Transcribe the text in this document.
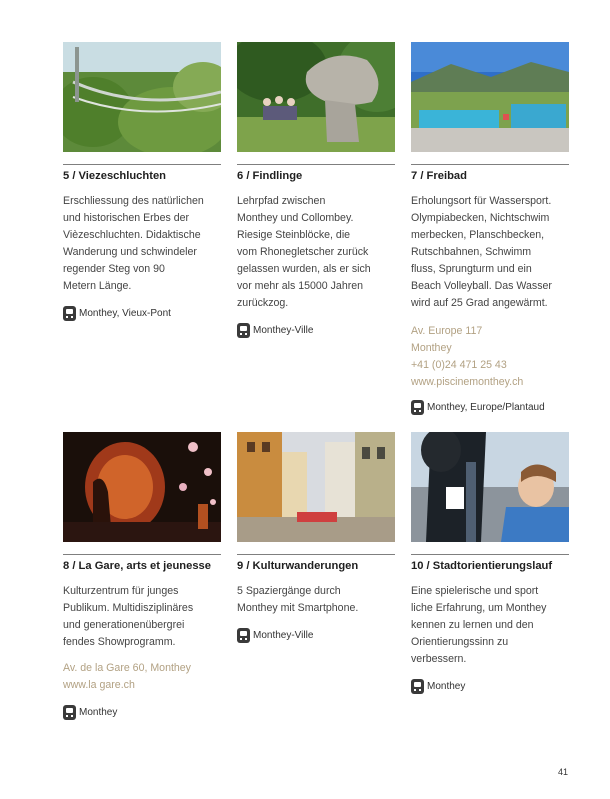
5 / Viezeschluchten
Erschliessung des natürlichen
und historischen Erbes der
Vièzeschluchten. Didaktische
Wanderung und schwindeler
regender Steg von 90
Metern Länge.
Monthey, Vieux-Pont
6 / Findlinge
Lehrpfad zwischen
Monthey und Collombey.
Riesige Steinblöcke, die
vom Rhonegletscher zurück
gelassen wurden, als er sich
vor mehr als 15000 Jahren
zurückzog.
Monthey-Ville
7 / Freibad
Erholungsort für Wassersport.
Olympiabecken, Nichtschwim
merbecken, Planschbecken,
Rutschbahnen, Schwimm
fluss, Sprungturm und ein
Beach Volleyball. Das Wasser
wird auf 25 Grad angewärmt.
Av. Europe 117
Monthey
+41 (0)24 471 25 43
www.piscinemonthey.ch
Monthey, Europe/Plantaud
8 / La Gare, arts et jeunesse
Kulturzentrum für junges
Publikum. Multidisziplinäres
und generationenübergrei
fendes Showprogramm.
Av. de la Gare 60, Monthey
www.la gare.ch
Monthey
9 / Kulturwanderungen
5 Spaziergänge durch
Monthey mit Smartphone.
Monthey-Ville
10 / Stadtorientierungslauf
Eine spielerische und sport
liche Erfahrung, um Monthey
kennen zu lernen und den
Orientierungssinn zu
verbessern.
Monthey
41
